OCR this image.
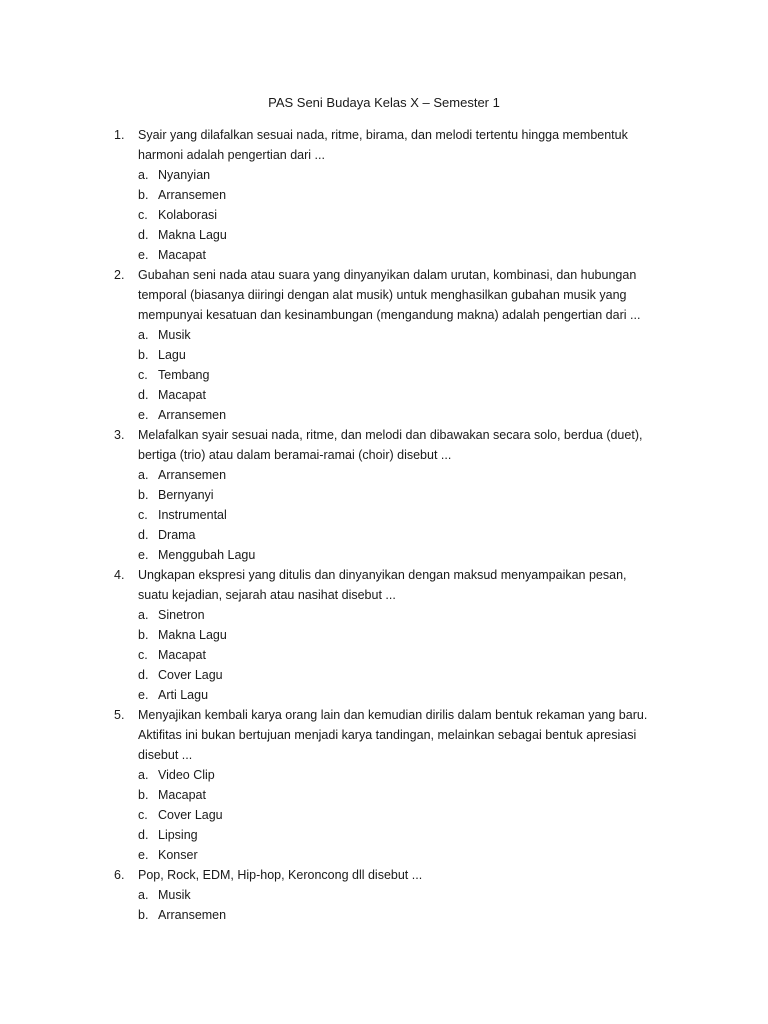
PAS Seni Budaya Kelas X – Semester 1
1. Syair yang dilafalkan sesuai nada, ritme, birama, dan melodi tertentu hingga membentuk harmoni adalah pengertian dari ...

a. Nyanyian
b. Arransemen
c. Kolaborasi
d. Makna Lagu
e. Macapat
2. Gubahan seni nada atau suara yang dinyanyikan dalam urutan, kombinasi, dan hubungan temporal (biasanya diiringi dengan alat musik) untuk menghasilkan gubahan musik yang mempunyai kesatuan dan kesinambungan (mengandung makna) adalah pengertian dari ...

a. Musik
b. Lagu
c. Tembang
d. Macapat
e. Arransemen
3. Melafalkan syair sesuai nada, ritme, dan melodi dan dibawakan secara solo, berdua (duet), bertiga (trio) atau dalam beramai-ramai (choir) disebut ...

a. Arransemen
b. Bernyanyi
c. Instrumental
d. Drama
e. Menggubah Lagu
4. Ungkapan ekspresi yang ditulis dan dinyanyikan dengan maksud menyampaikan pesan, suatu kejadian, sejarah atau nasihat disebut ...

a. Sinetron
b. Makna Lagu
c. Macapat
d. Cover Lagu
e. Arti Lagu
5. Menyajikan kembali karya orang lain dan kemudian dirilis dalam bentuk rekaman yang baru. Aktifitas ini bukan bertujuan menjadi karya tandingan, melainkan sebagai bentuk apresiasi disebut ...

a. Video Clip
b. Macapat
c. Cover Lagu
d. Lipsing
e. Konser
6. Pop, Rock, EDM, Hip-hop, Keroncong dll disebut ...

a. Musik
b. Arransemen
